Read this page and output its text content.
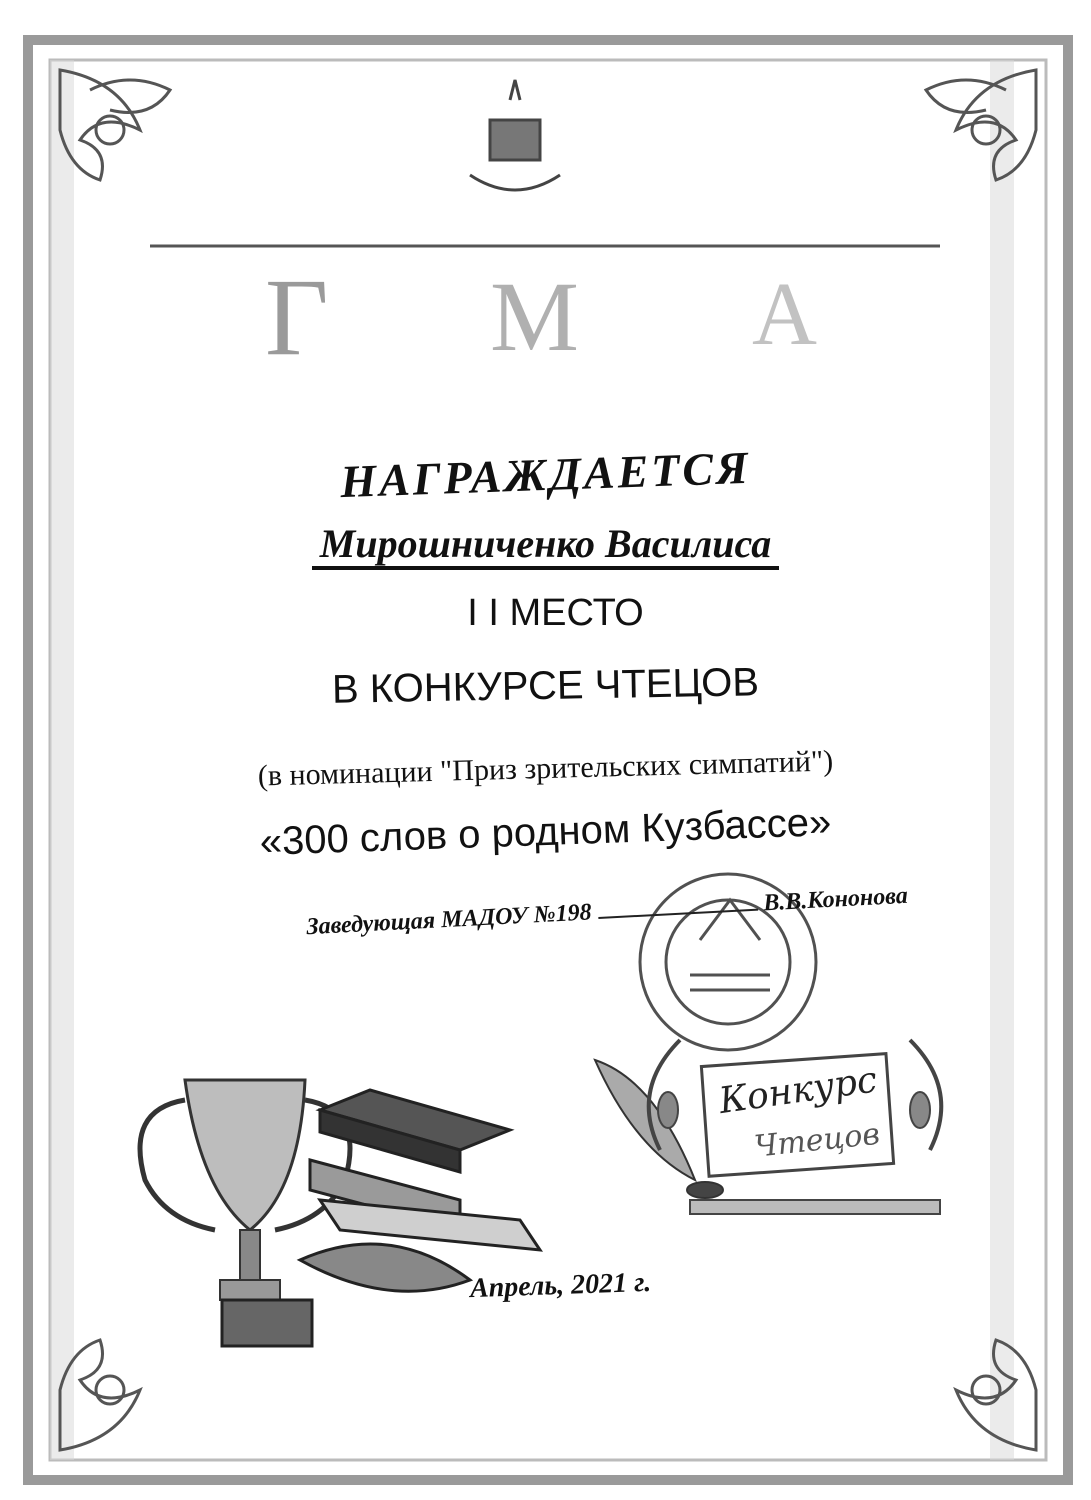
Г М А
НАГРАЖДАЕТСЯ
Мирошниченко Василиса
І І МЕСТО
В КОНКУРСЕ ЧТЕЦОВ
(в номинации "Приз зрительских симпатий")
«300 слов о родном Кузбассе»
Заведующая МАДОУ №198	В.В.Кононова
Конкурс
Чтецов
Апрель, 2021 г.
